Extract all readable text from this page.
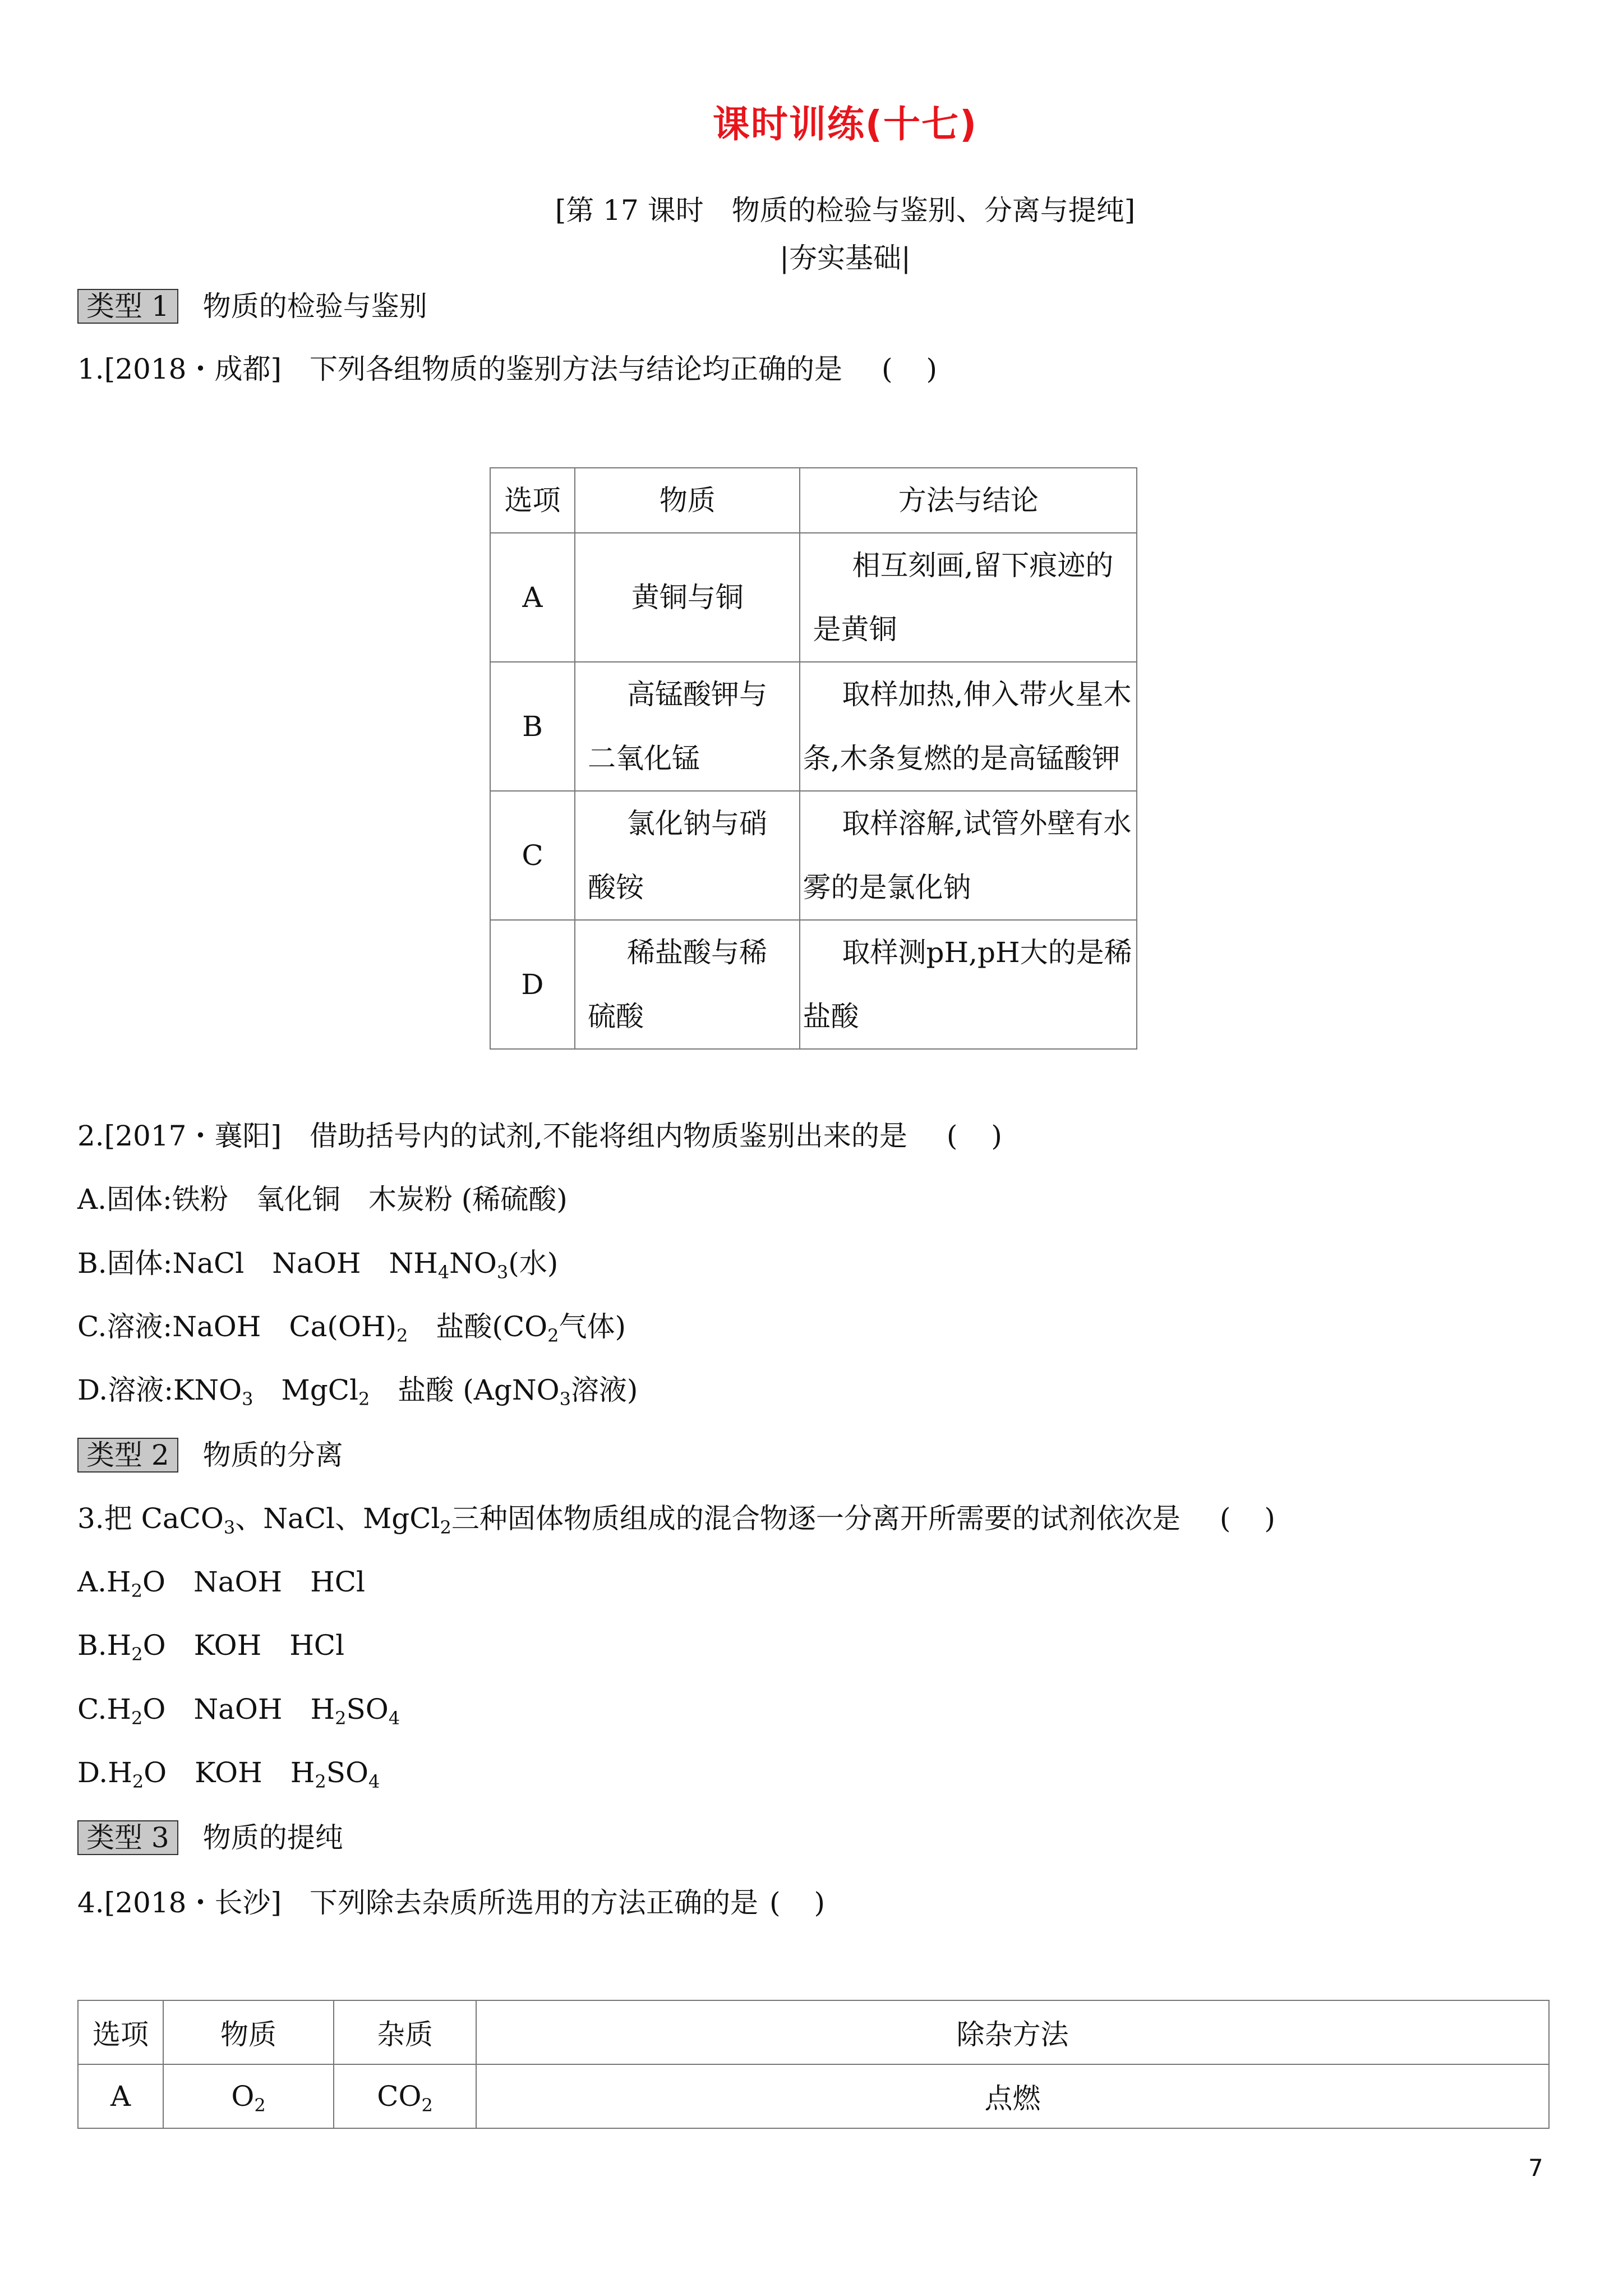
课时训练(十七)
[第 17 课时　物质的检验与鉴别、分离与提纯]
|夯实基础|
类型 1 物质的检验与鉴别
1.[2018・成都]　 下列各组物质的鉴别方法与结论均正确的是 ()
选项	物质	方法与结论
A	黄铜与铜	相互刻画,留下痕迹的是黄铜

B	高锰酸钾与二氧化锰	取样加热,伸入带火星木条,木条复燃的是高锰酸钾

C	氯化钠与硝酸铵	取样溶解,试管外壁有水雾的是氯化钠

D	稀盐酸与稀硫酸	取样测pH,pH大的是稀盐酸
2.[2017・襄阳]　 借助括号内的试剂,不能将组内物质鉴别出来的是 ()
A.固体:铁粉　氧化铜　木炭粉 (稀硫酸)
B.固体:NaCl　NaOH　$NH_4NO_3$(水)
C.溶液:NaOH　$Ca(OH)_2$　盐酸($CO_2$气体)
D.溶液$:KNO_3$　MgCl$_2$　盐酸 (AgNO$_3$溶液)
类型 2 物质的分离
3.把 CaCO$_3$、NaCl、MgCl$_2$三种固体物质组成的混合物逐一分离开所需要的试剂依次是 ()
$A.H_2O$　NaOH　HCl
$B.H_2O$　KOH　HCl
$C.H_2O$　NaOH　$H_2SO_4$
$D.H_2O$　KOH　$H_2SO_4$
类型 3 物质的提纯
4.[2018・长沙]　 下列除去杂质所选用的方法正确的是 ()
选项	物质	杂质	除杂方法
A	$O_2$	$CO_2$	点燃
7
